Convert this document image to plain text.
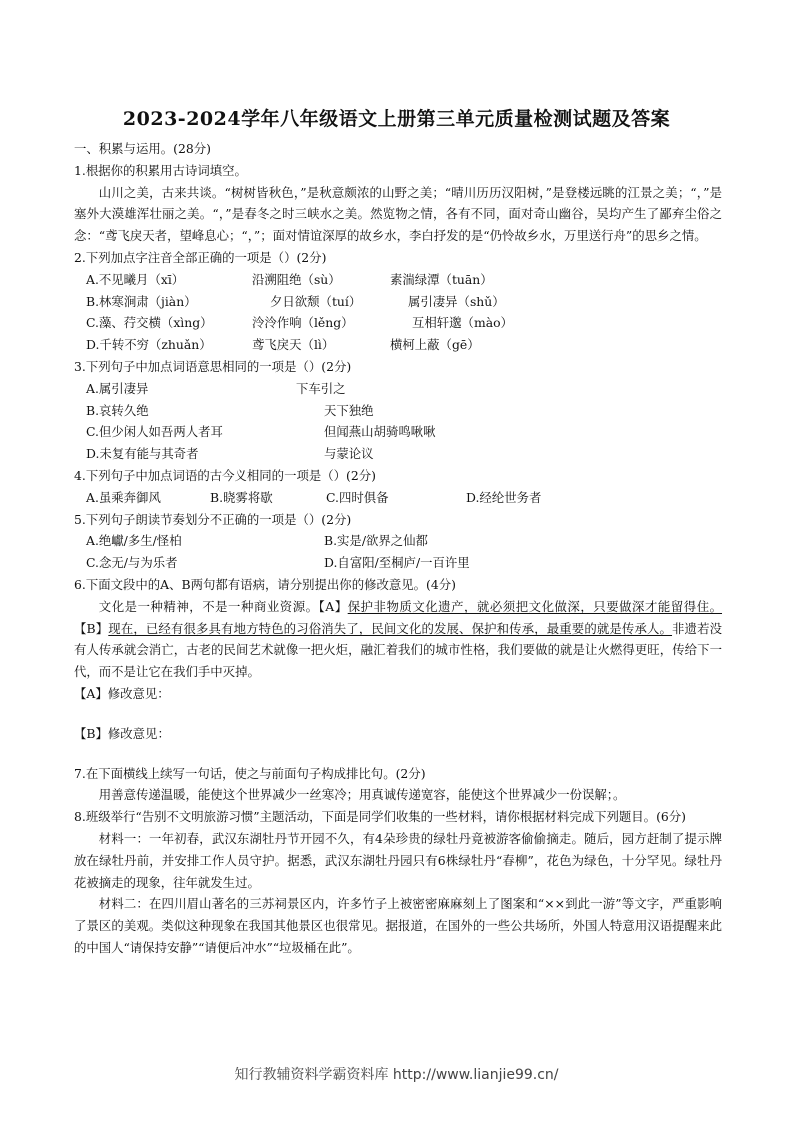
2023-2024学年八年级语文上册第三单元质量检测试题及答案
一、积累与运用。(28分)
1.根据你的积累用古诗词填空。
山川之美，古来共谈。“树树皆秋色，”是秋意颇浓的山野之美；“晴川历历汉阳树，”是登楼远眺的江景之美；“，”是塞外大漠雄浑壮丽之美。“，”是春冬之时三峡水之美。然览物之情，各有不同，面对奇山幽谷，吴均产生了鄙弃尘俗之念：“鸢飞戾天者，望峰息心；“，”；面对情谊深厚的故乡水，李白抒发的是“仍怜故乡水，万里送行舟”的思乡之情。
2.下列加点字注音全部正确的一项是（）(2分)
A.不见曦月（xī）	沿溯阻绝（sù）	素湍绿潭（tuān）
B.林寒涧肃（jiàn）	夕日欲颓（tuí）	属引凄异（shǔ）
C.藻、荇交横（xìng）	泠泠作响（lěng）	互相轩邈（mào）
D.千转不穷（zhuǎn）	鸢飞戾天（lì）	横柯上蔽（gē）
3.下列句子中加点词语意思相同的一项是（）(2分)
A.属引凄异	下车引之
B.哀转久绝	天下独绝
C.但少闲人如吾两人者耳	但闻燕山胡骑鸣啾啾
D.未复有能与其奇者	与蒙论议
4.下列句子中加点词语的古今义相同的一项是（）(2分)
A.虽乘奔御风	B.晓雾将歇	C.四时俱备	D.经纶世务者
5.下列句子朗读节奏划分不正确的一项是（）(2分)
A.绝巘/多生/怪柏	B.实是/欲界之仙都
C.念无/与为乐者	D.自富阳/至桐庐/一百许里
6.下面文段中的A、B两句都有语病，请分别提出你的修改意见。(4分)
文化是一种精神，不是一种商业资源。【A】保护非物质文化遗产，就必须把文化做深，只要做深才能留得住。【B】现在，已经有很多具有地方特色的习俗消失了，民间文化的发展、保护和传承，最重要的就是传承人。非遗若没有人传承就会消亡，古老的民间艺术就像一把火炬，融汇着我们的城市性格，我们要做的就是让火燃得更旺，传给下一代，而不是让它在我们手中灭掉。
【A】修改意见：
【B】修改意见：
7.在下面横线上续写一句话，使之与前面句子构成排比句。(2分)
用善意传递温暖，能使这个世界减少一丝寒冷；用真诚传递宽容，能使这个世界减少一份误解；。
8.班级举行“告别不文明旅游习惯”主题活动，下面是同学们收集的一些材料，请你根据材料完成下列题目。(6分)
材料一：一年初春，武汉东湖牡丹节开园不久，有4朵珍贵的绿牡丹竟被游客偷偷摘走。随后，园方赶制了提示牌放在绿牡丹前，并安排工作人员守护。据悉，武汉东湖牡丹园只有6株绿牡丹“春柳”，花色为绿色，十分罕见。绿牡丹花被摘走的现象，往年就发生过。
材料二：在四川眉山著名的三苏祠景区内，许多竹子上被密密麻麻刻上了图案和“××到此一游”等文字，严重影响了景区的美观。类似这种现象在我国其他景区也很常见。据报道，在国外的一些公共场所，外国人特意用汉语提醒来此的中国人“请保持安静”“请便后冲水”“垃圾桶在此”。
知行教辅资料学霸资料库 http://www.lianjie99.cn/
